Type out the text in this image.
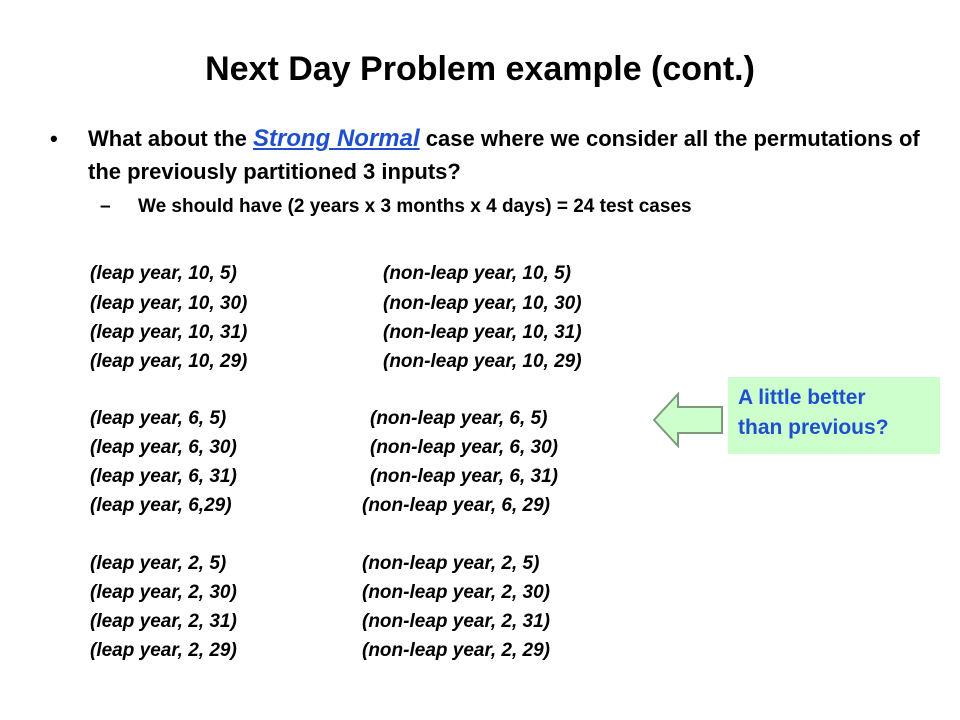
Next Day Problem example (cont.)
• What about the Strong Normal case where we consider all the permutations of the previously partitioned 3 inputs?
– We should have (2 years x 3 months x 4 days) = 24 test cases
(leap year, 10, 5)
(leap year, 10, 30)
(leap year, 10, 31)
(leap year, 10, 29)
(non-leap year, 10, 5)
(non-leap year, 10, 30)
(non-leap year, 10, 31)
(non-leap year, 10, 29)
(leap year, 6, 5)
(leap year, 6, 30)
(leap year, 6, 31)
(leap year, 6,29)
(non-leap year, 6, 5)
(non-leap year, 6, 30)
(non-leap year, 6, 31)
(non-leap year, 6, 29)
(leap year, 2, 5)
(leap year, 2, 30)
(leap year, 2, 31)
(leap year, 2, 29)
(non-leap year, 2, 5)
(non-leap year, 2, 30)
(non-leap year, 2, 31)
(non-leap year, 2, 29)
A little better
than previous?
